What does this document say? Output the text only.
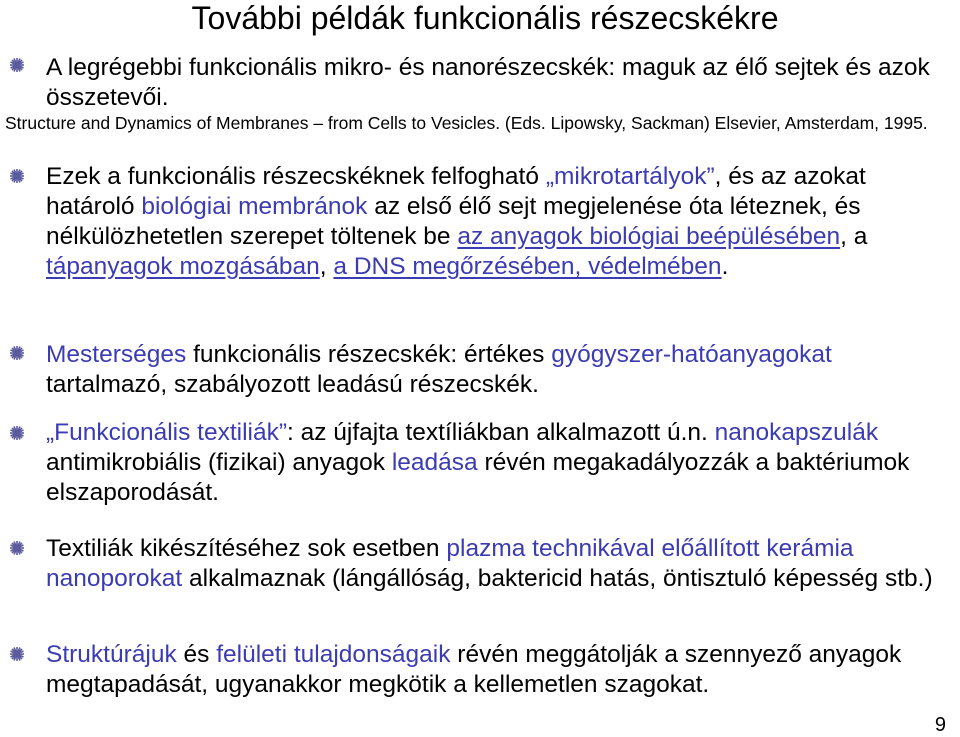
További példák funkcionális részecskékre

A legrégebbi funkcionális mikro- és nanorészecskék: maguk az élő sejtek és azok összetevői.

Structure and Dynamics of Membranes – from Cells to Vesicles. (Eds. Lipowsky, Sackman) Elsevier, Amsterdam, 1995.

Ezek a funkcionális részecskéknek felfogható „mikrotartályok”, és az azokat határoló biológiai membránok az első élő sejt megjelenése óta léteznek, és nélkülözhetetlen szerepet töltenek be az anyagok biológiai beépülésében, a tápanyagok mozgásában, a DNS megőrzésében, védelmében.

Mesterséges funkcionális részecskék: értékes gyógyszer-hatóanyagokat tartalmazó, szabályozott leadású részecskék.

„Funkcionális textiliák”: az újfajta textíliákban alkalmazott ú.n. nanokapszulák antimikrobiális (fizikai) anyagok leadása révén megakadályozzák a baktériumok elszaporodását.

Textiliák kikészítéséhez sok esetben plazma technikával előállított kerámia nanoporokat alkalmaznak (lángállóság, baktericid hatás, öntisztuló képesség stb.)

Struktúrájuk és felületi tulajdonságaik révén meggátolják a szennyező anyagok megtapadását, ugyanakkor megkötik a kellemetlen szagokat.

9
